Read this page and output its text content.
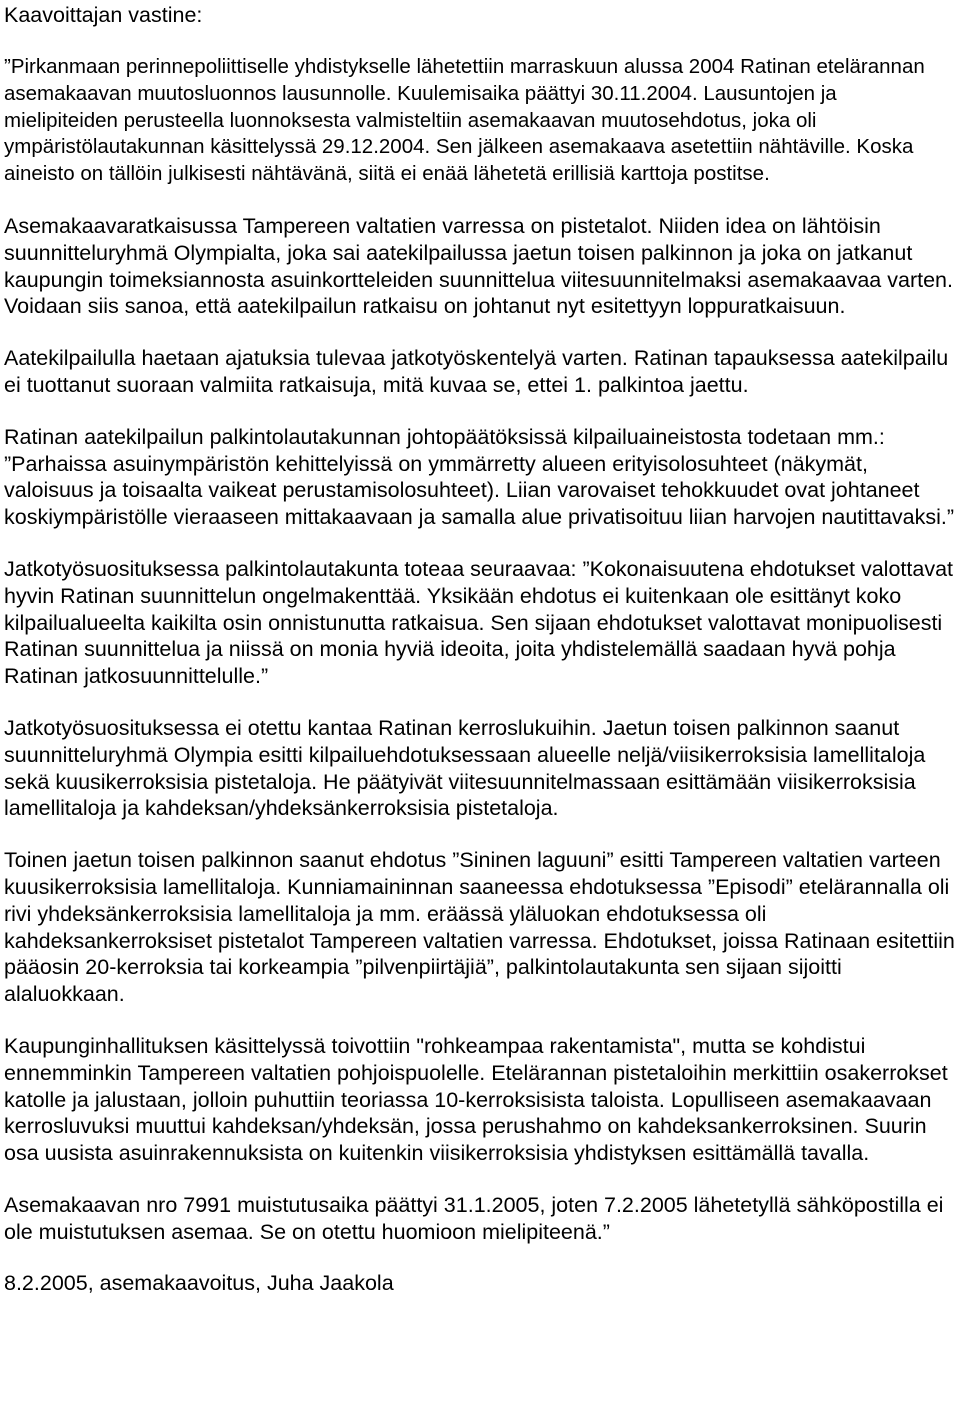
Kaavoittajan vastine:

”Pirkanmaan perinnepoliittiselle yhdistykselle lähetettiin marraskuun alussa 2004 Ratinan etelärannan asemakaavan muutosluonnos lausunnolle. Kuulemisaika päättyi 30.11.2004. Lausuntojen ja mielipiteiden perusteella luonnoksesta valmisteltiin asemakaavan muutosehdotus, joka oli ympäristölautakunnan käsittelyssä 29.12.2004. Sen jälkeen asemakaava asetettiin nähtäville. Koska aineisto on tällöin julkisesti nähtävänä, siitä ei enää lähetetä erillisiä karttoja postitse.

Asemakaavaratkaisussa Tampereen valtatien varressa on pistetalot. Niiden idea on lähtöisin suunnitteluryhmä Olympialta, joka sai aatekilpailussa jaetun toisen palkinnon ja joka on jatkanut kaupungin toimeksiannosta asuinkortteleiden suunnittelua viitesuunnitelmaksi asemakaavaa varten. Voidaan siis sanoa, että aatekilpailun ratkaisu on johtanut nyt esitettyyn loppuratkaisuun.

Aatekilpailulla haetaan ajatuksia tulevaa jatkotyöskentelyä varten. Ratinan tapauksessa aatekilpailu ei tuottanut suoraan valmiita ratkaisuja, mitä kuvaa se, ettei 1. palkintoa jaettu.

Ratinan aatekilpailun palkintolautakunnan johtopäätöksissä kilpailuaineistosta todetaan mm.: ”Parhaissa asuinympäristön kehittelyissä on ymmärretty alueen erityisolosuhteet (näkymät, valoisuus ja toisaalta vaikeat perustamisolosuhteet). Liian varovaiset tehokkuudet ovat johtaneet koskiympäristölle vieraaseen mittakaavaan ja samalla alue privatisoituu liian harvojen nautittavaksi.”

Jatkotyösuosituksessa palkintolautakunta toteaa seuraavaa: ”Kokonaisuutena ehdotukset valottavat hyvin Ratinan suunnittelun ongelmakenttää. Yksikään ehdotus ei kuitenkaan ole esittänyt koko kilpailualueelta kaikilta osin onnistunutta ratkaisua. Sen sijaan ehdotukset valottavat monipuolisesti Ratinan suunnittelua ja niissä on monia hyviä ideoita, joita yhdistelemällä saadaan hyvä pohja Ratinan jatkosuunnittelulle.”

Jatkotyösuosituksessa ei otettu kantaa Ratinan kerroslukuihin. Jaetun toisen palkinnon saanut suunnitteluryhmä Olympia esitti kilpailuehdotuksessaan alueelle neljä/viisikerroksisia lamellitaloja sekä kuusikerroksisia pistetaloja. He päätyivät viitesuunnitelmassaan esittämään viisikerroksisia lamellitaloja ja kahdeksan/yhdeksänkerroksisia pistetaloja.

Toinen jaetun toisen palkinnon saanut ehdotus ”Sininen laguuni” esitti Tampereen valtatien varteen kuusikerroksisia lamellitaloja. Kunniamaininnan saaneessa ehdotuksessa ”Episodi” etelärannalla oli rivi yhdeksänkerroksisia lamellitaloja ja mm. eräässä yläluokan ehdotuksessa oli kahdeksankerroksiset pistetalot Tampereen valtatien varressa. Ehdotukset, joissa Ratinaan esitettiin pääosin 20-kerroksia tai korkeampia ”pilvenpiirtäjiä”, palkintolautakunta sen sijaan sijoitti alaluokkaan.

Kaupunginhallituksen käsittelyssä toivottiin "rohkeampaa rakentamista", mutta se kohdistui ennemminkin Tampereen valtatien pohjoispuolelle. Etelärannan pistetaloihin merkittiin osakerrokset katolle ja jalustaan, jolloin puhuttiin teoriassa 10-kerroksisista taloista. Lopulliseen asemakaavaan kerrosluvuksi muuttui kahdeksan/yhdeksän, jossa perushahmo on kahdeksankerroksinen. Suurin osa uusista asuinrakennuksista on kuitenkin viisikerroksisia yhdistyksen esittämällä tavalla.

Asemakaavan nro 7991 muistutusaika päättyi 31.1.2005, joten 7.2.2005 lähetetyllä sähköpostilla ei ole muistutuksen asemaa. Se on otettu huomioon mielipiteenä.”

8.2.2005, asemakaavoitus, Juha Jaakola
